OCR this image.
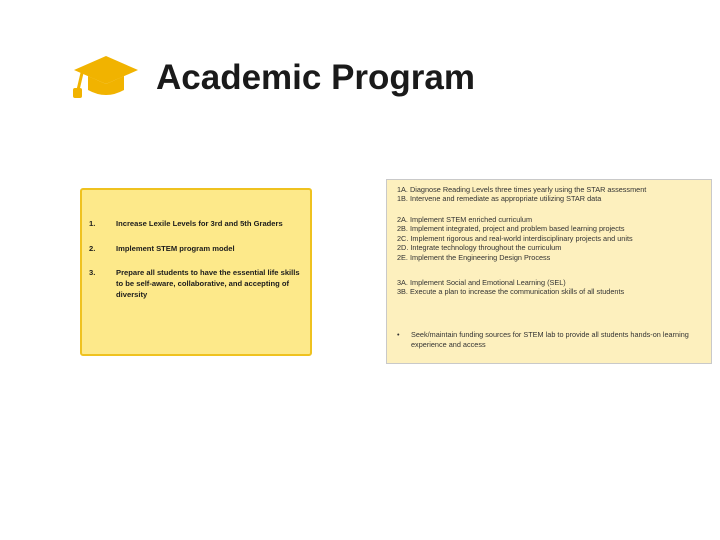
Academic Program
1.	Increase Lexile Levels for 3rd and 5th Graders
2.	Implement STEM program model
3.	Prepare all students to have the essential life skills to be self-aware, collaborative, and accepting of diversity
1A. Diagnose Reading Levels three times yearly using the STAR assessment
1B. Intervene and remediate as appropriate utilizing STAR data
2A. Implement STEM enriched curriculum
2B. Implement integrated, project and problem based learning projects
2C. Implement rigorous and real-world interdisciplinary projects and units
2D. Integrate technology throughout the curriculum
2E. Implement the Engineering Design Process
3A. Implement Social and Emotional Learning (SEL)
3B. Execute a plan to increase the communication skills of all students
• Seek/maintain funding sources for STEM lab to provide all students hands-on learning experience and access
